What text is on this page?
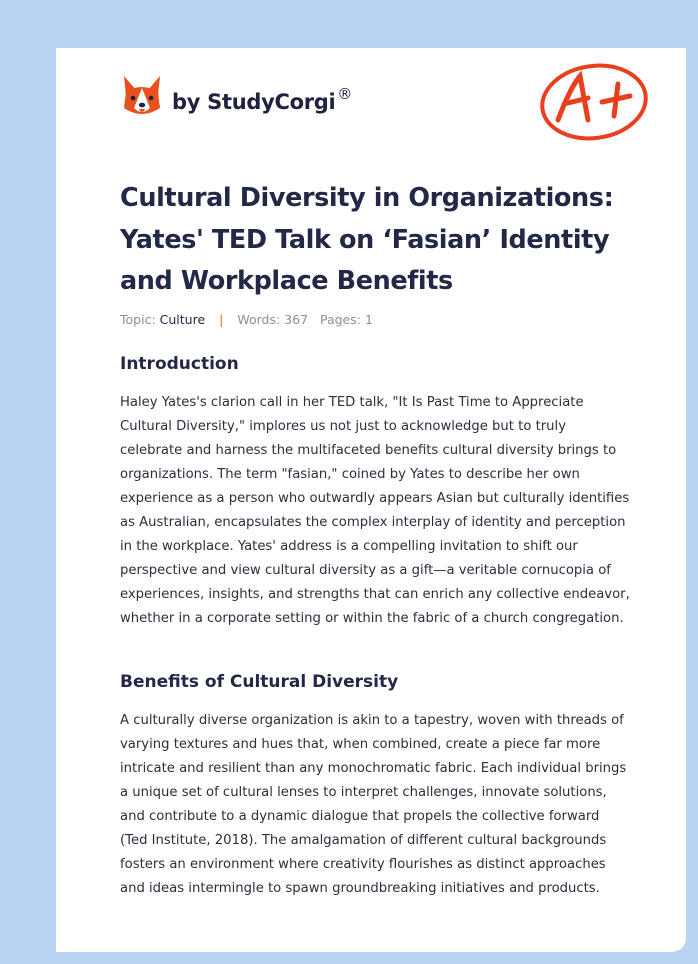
by StudyCorgi ®
Cultural Diversity in Organizations: Yates' TED Talk on ‘Fasian’ Identity and Workplace Benefits
Topic: Culture | Words: 367 Pages: 1
Introduction

Haley Yates's clarion call in her TED talk, "It Is Past Time to Appreciate Cultural Diversity," implores us not just to acknowledge but to truly celebrate and harness the multifaceted benefits cultural diversity brings to organizations. The term "fasian," coined by Yates to describe her own experience as a person who outwardly appears Asian but culturally identifies as Australian, encapsulates the complex interplay of identity and perception in the workplace. Yates' address is a compelling invitation to shift our perspective and view cultural diversity as a gift—a veritable cornucopia of experiences, insights, and strengths that can enrich any collective endeavor, whether in a corporate setting or within the fabric of a church congregation.

Benefits of Cultural Diversity

A culturally diverse organization is akin to a tapestry, woven with threads of varying textures and hues that, when combined, create a piece far more intricate and resilient than any monochromatic fabric. Each individual brings a unique set of cultural lenses to interpret challenges, innovate solutions, and contribute to a dynamic dialogue that propels the collective forward (Ted Institute, 2018). The amalgamation of different cultural backgrounds fosters an environment where creativity flourishes as distinct approaches and ideas intermingle to spawn groundbreaking initiatives and products.
